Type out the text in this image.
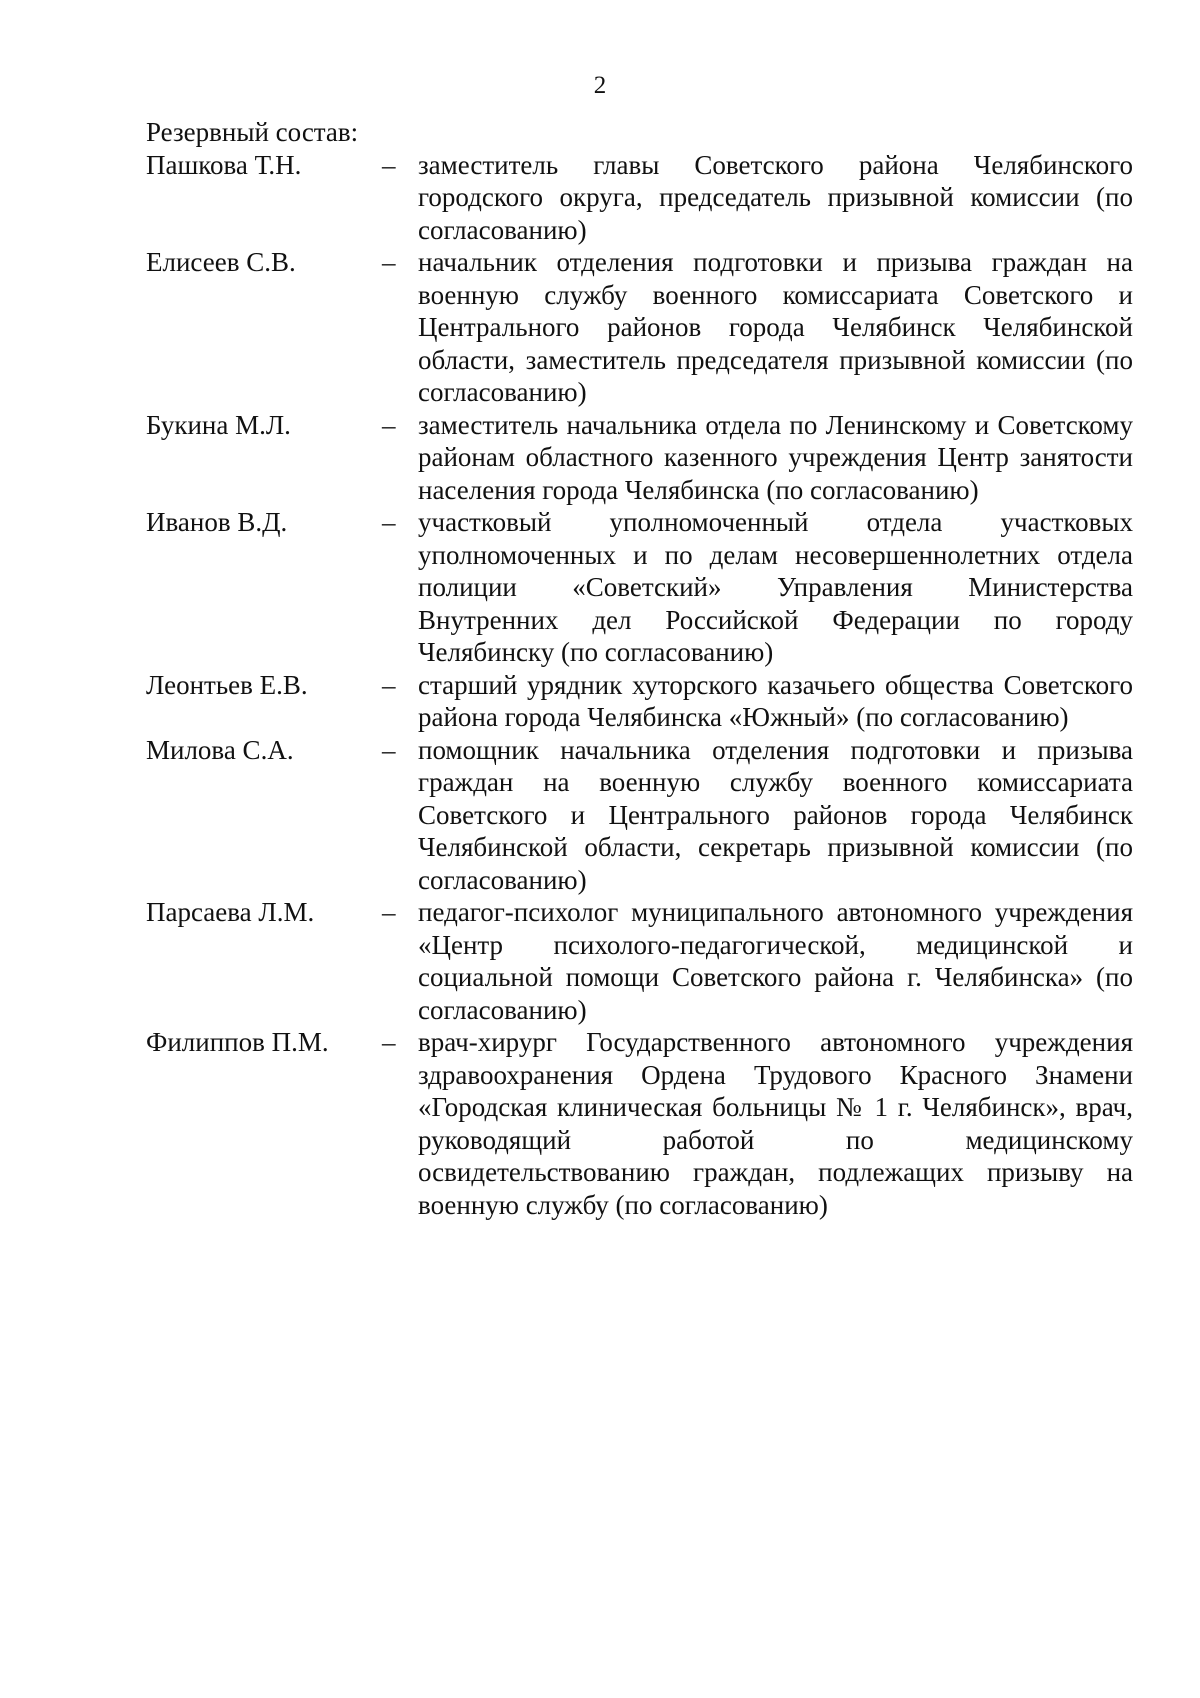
2
Резервный состав:
Пашкова Т.Н.	– заместитель главы Советского района Челябинского городского округа, председатель призывной комиссии (по согласованию)
Елисеев С.В.	– начальник отделения подготовки и призыва граждан на военную службу военного комиссариата Советского и Центрального районов города Челябинск Челябинской области, заместитель председателя призывной комиссии (по согласованию)
Букина М.Л.	– заместитель начальника отдела по Ленинскому и Советскому районам областного казенного учреждения Центр занятости населения города Челябинска (по согласованию)
Иванов В.Д.	– участковый уполномоченный отдела участковых уполномоченных и по делам несовершеннолетних отдела полиции «Советский» Управления Министерства Внутренних дел Российской Федерации по городу Челябинску (по согласованию)
Леонтьев Е.В.	– старший урядник хуторского казачьего общества Советского района города Челябинска «Южный» (по согласованию)
Милова С.А.	– помощник начальника отделения подготовки и призыва граждан на военную службу военного комиссариата Советского и Центрального районов города Челябинск Челябинской области, секретарь призывной комиссии (по согласованию)
Парсаева Л.М.	– педагог-психолог муниципального автономного учреждения «Центр психолого-педагогической, медицинской и социальной помощи Советского района г. Челябинска» (по согласованию)
Филиппов П.М.	– врач-хирург Государственного автономного учреждения здравоохранения Ордена Трудового Красного Знамени «Городская клиническая больницы № 1 г. Челябинск», врач, руководящий работой по медицинскому освидетельствованию граждан, подлежащих призыву на военную службу (по согласованию)
